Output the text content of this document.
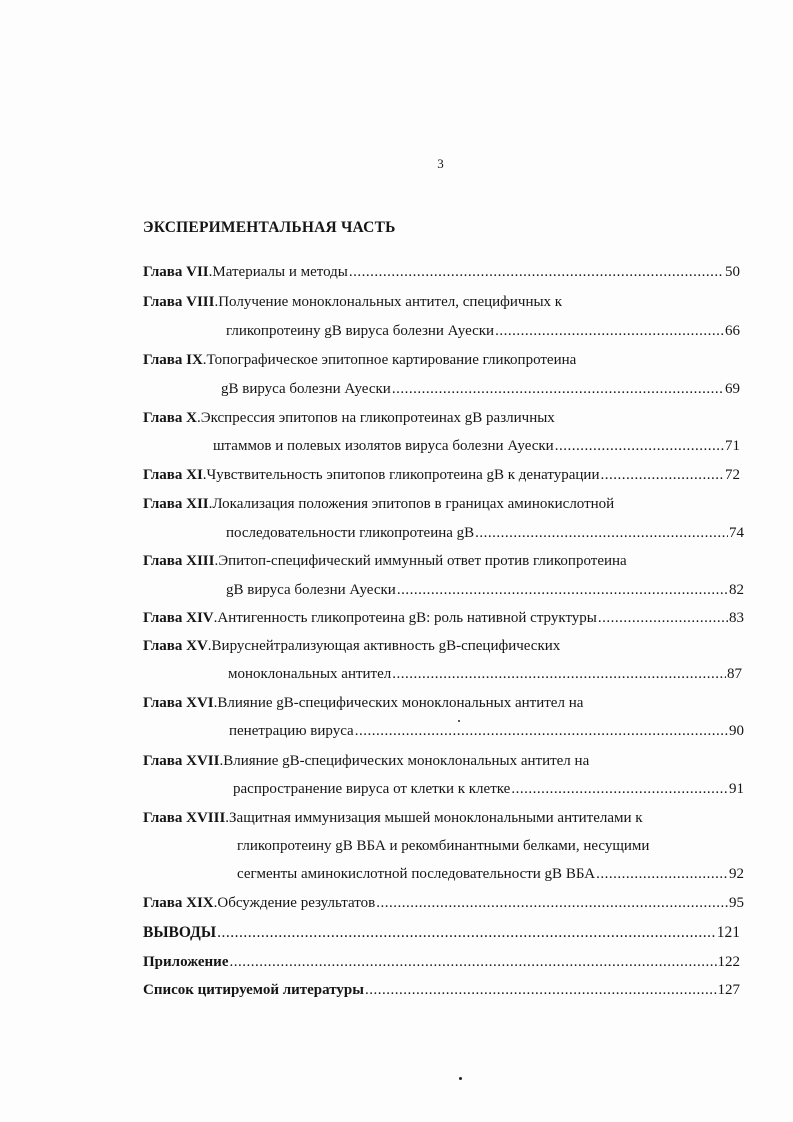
3
ЭКСПЕРИМЕНТАЛЬНАЯ ЧАСТЬ
Глава VII . Материалы и методы .....	50
Глава VIII . Получение моноклональных антител, специфичных к
гликопротеину gB вируса болезни Ауески .....	66
Глава IX . Топографическое эпитопное картирование гликопротеина
gB вируса болезни Ауески .....	69
Глава X . Экспрессия эпитопов на гликопротеинах gB различных
штаммов и полевых изолятов вируса болезни Ауески .....	71
Глава XI . Чувствительность эпитопов гликопротеина gB к денатурации .....	72
Глава XII . Локализация положения эпитопов в границах аминокислотной
последовательности гликопротеина gB .....	74
Глава XIII . Эпитоп-специфический иммунный ответ против гликопротеина
gB вируса болезни Ауески .....	82
Глава XIV . Антигенность гликопротеина gB: роль нативной структуры .....	83
Глава XV . Вируснейтрализующая активность gB-специфических
моноклональных антител .....	87
Глава XVI . Влияние gB-специфических моноклональных антител на
пенетрацию вируса .....	90
Глава XVII . Влияние gB-специфических моноклональных антител на
распространение вируса от клетки к клетке .....	91
Глава XVIII . Защитная иммунизация мышей моноклональными антителами к
гликопротеину gB ВБА и рекомбинантными белками, несущими
сегменты аминокислотной последовательности gB ВБА .....	92
Глава XIX . Обсуждение результатов .....	95
ВЫВОДЫ .....	121
Приложение .....	122
Список цитируемой литературы .....	127
